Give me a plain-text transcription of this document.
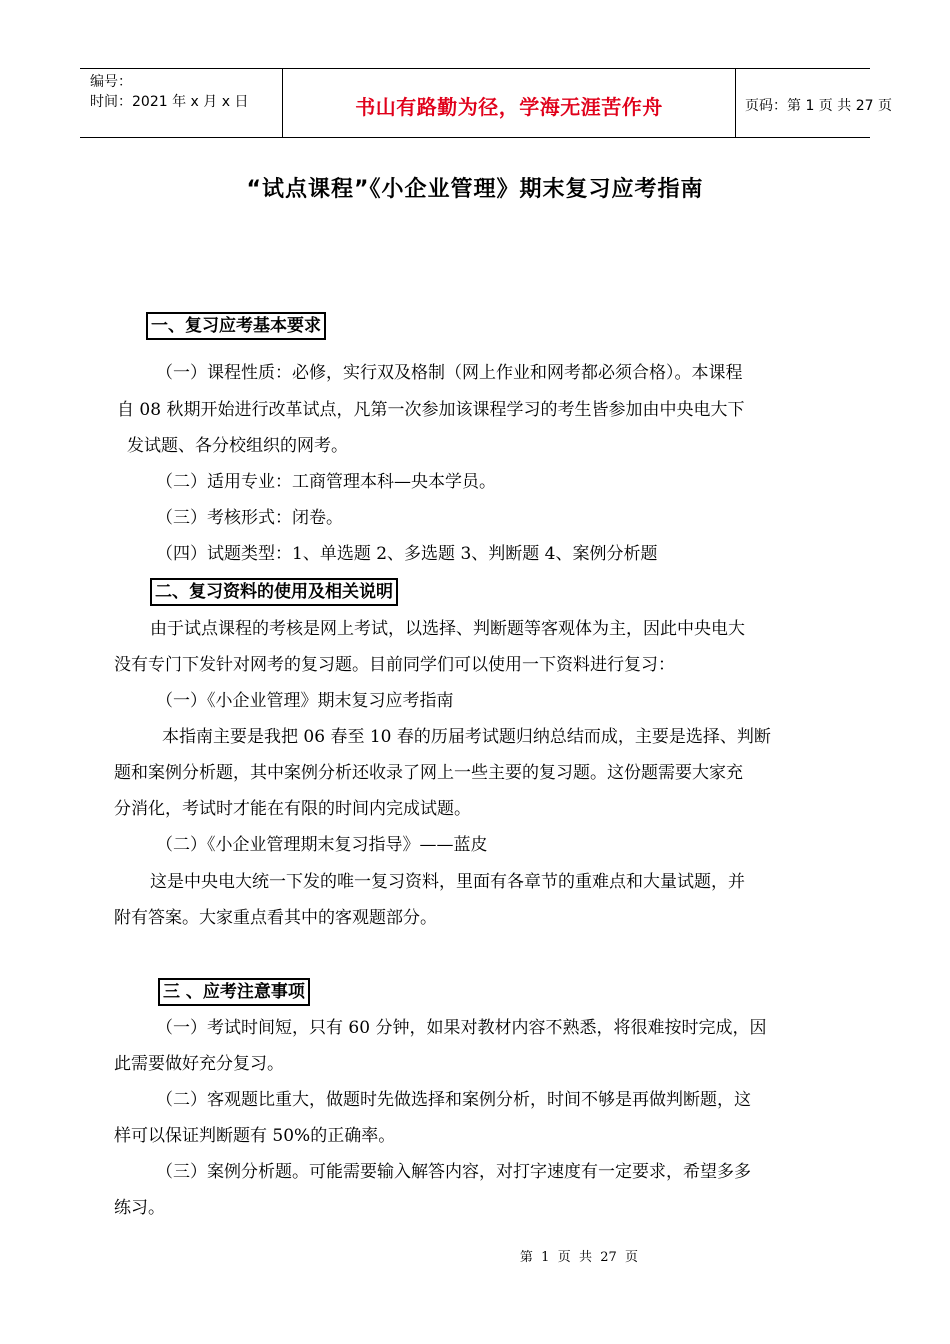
编号：
时间：2021 年 x 月 x 日	书山有路勤为径，学海无涯苦作舟	页码：第 1 页 共 27 页
“试点课程”《小企业管理》期末复习应考指南
一、复习应考基本要求
（一）课程性质：必修，实行双及格制（网上作业和网考都必须合格）。本课程
自 08 秋期开始进行改革试点，凡第一次参加该课程学习的考生皆参加由中央电大下
发试题、各分校组织的网考。
（二）适用专业：工商管理本科—央本学员。
（三）考核形式：闭卷。
（四）试题类型：1、单选题 2、多选题 3、判断题 4、案例分析题
二、复习资料的使用及相关说明
由于试点课程的考核是网上考试，以选择、判断题等客观体为主，因此中央电大
没有专门下发针对网考的复习题。目前同学们可以使用一下资料进行复习：
（一）《小企业管理》期末复习应考指南
本指南主要是我把 06 春至 10 春的历届考试题归纳总结而成，主要是选择、判断
题和案例分析题，其中案例分析还收录了网上一些主要的复习题。这份题需要大家充
分消化，考试时才能在有限的时间内完成试题。
（二）《小企业管理期末复习指导》——蓝皮
这是中央电大统一下发的唯一复习资料，里面有各章节的重难点和大量试题，并
附有答案。大家重点看其中的客观题部分。
三 、应考注意事项
（一）考试时间短，只有 60 分钟，如果对教材内容不熟悉，将很难按时完成，因
此需要做好充分复习。
（二）客观题比重大，做题时先做选择和案例分析，时间不够是再做判断题，这
样可以保证判断题有 50%的正确率。
（三）案例分析题。可能需要输入解答内容，对打字速度有一定要求，希望多多
练习。
第  1  页  共  27  页
